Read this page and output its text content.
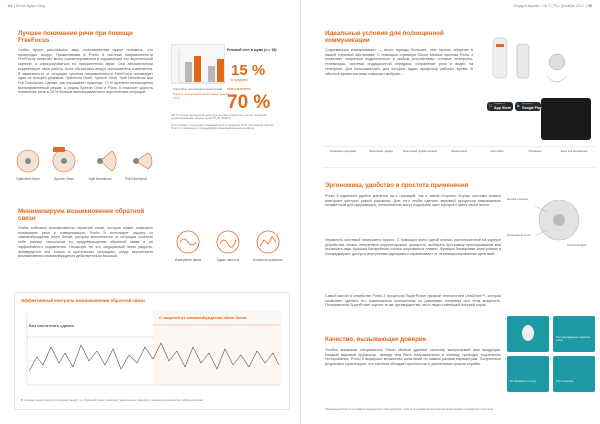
94  | Исток Аудио Мед
Лучшее понимание речи при помощи FreeFocus
Чтобы лучше расслышать звук, пользователям нужно понимать, что происходит вокруг. Применяемая в Ponto 5 система направленности FreeFocus помогает мозгу сориентироваться в окружающей его акустической картине, и сфокусироваться на приоритетном звуке. Она автоматически корректирует свои работу, если обстановка вокруг пользователя изменяется. В зависимости от ситуации система направленности FreeFocus активирует один из четырех режимов: Optimized Omni, Speech Omni, Split Directional или Full Directional. Однако, как показывает практика, 70 % времени используется всенаправленный режим, а режим Speech Omni в Ponto 5 помогает усилить понимание речи в 15 % больше всенаправленного акустических ситуаций.
Речевой тест в шуме (n = 18)
15 %
в среднем
Ponto Plus, всенаправленный режим
Ponto 5, всенаправленный режим Speech Omni
всего времени
70 %
SIII % лучшее восприятие речи для детских и взрослых тестов. Сигнал & шумоподавление, индекс шума 78 дБ (SNR 5).
Тест показал улучшение понимания речи в пределах 15 % при режиме Speech Omni по сравнению с предыдущим всенаправленным режимом.
Optimized Omni	Speech Omni	Split Directional	Full Directional
Минимизируем возникновение обратной связи
Чтобы избежать возникновения обратной связи, которая может помешать пониманию речи и коммуникации, Ponto 5 использует защиту от самовозбуждения Inium Sense, которая выполняется от ситуации сочетать себе разные технологии по предотвращению обратной связи и её эффективного подавления. Несмотря на это ощущаемый всем радость, активируется они только в критических ситуациях, когда вероятность возникновения самовозбуждения действительно высокая.
Измерение фазы	Сдвиг частоты	Контроль усиления
Эффективный контроль возникновения обратной связи
Без частотного сдвига
С защитой от самовозбуждения Inium Sense
В сложных акустических ситуациях защиту от обратной связи позволяет значительно увеличить уровень усиления без обратной связи.
«Радуга звуков» • № 2 (79) • Декабрь 2017  | 95
Идеальные условия для полноценной коммуникации
Современная коммуникация — нечто гораздо большее, чем личное общение в нашей слуховой обстановке. С помощью стримера Oticon Medical система Ponto 3 позволяет опираться подключенное к любым устройствам: сотовые телефоны, телевизоры, системы индукционной передачи, сохранение речи и видео на телефоне. Для пользователей, для которых аудио процессор рабочее время. В обычное время система позволяет выбрать ...
Загрузите в
App Store ▶ Доступно в
Google Play
Изменение программ	Мониторинг заряда	Мониторинг уровня сигнала	Уведомление	Настройки	Разговоры	Зоны для сопряжения
Эргономика, удобство и простота применения
Ponto 5 идеально удобно крепится на с границей, так и левой стороны. Корпус системы плавно повторяет контуры ушной раковины. Для того чтобы сделать звуковой процессор максимально незаметным для окружающих, пользователи могут подобрать цвет корпуса к цвету своих волос.
Управлять системой невероятно просто. С помощью всего одной кнопки, расположенной на корпусе устройства, можно оперативно корректировать громкость, выбирать программу прослушивания или отключать звук. Крышка батарейного отсека открывается плавно. Функция блокировки электроники и кнопкаджирает доступ к внутренним функциям и ограничивает от несанкционированных действий.
Самой малой в семействе Ponto 3 процессор SuperPower признан технологией UltraDrive™, которая позволяет сделать его максимально компактным по размерам, сохраняя при этом мощность. Пользователи SuperPower оценят те же преимущества, что и люди с меньшей потерей слуха.
Кнопка и кнопка
Батарейный отсек
Ушной аппарат
Качество, вызывающее доверие
Особое внимание специалисты Oticon Medical уделяют качеству выпускаемой ими продукции. Каждый звуковой процессор, прежде чем быть направленным в клинику, проходит тщательное тестирование. Ponto 5 выдержит множество испытаний по самым разным параметрам. Полученные результаты гарантируют, что система обладает прочностью и длительным сроком службы.
Тест на падение с высоты 1,5 м
Устойчивость к поту	Тест на влагу
Применение Ponto 5 не взимать медицинского обследования. Ответа пользователя для консультации сервисе специального контакте.
